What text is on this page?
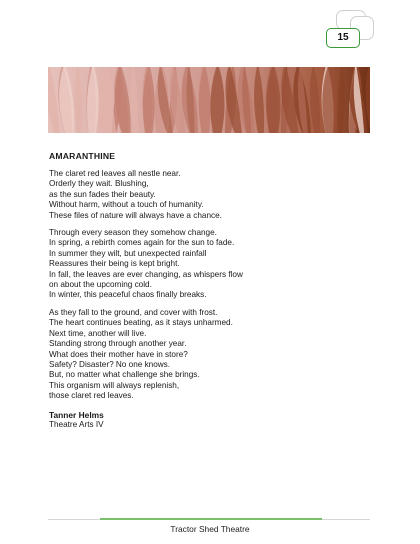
15
AMARANTHINE
The claret red leaves all nestle near.
Orderly they wait. Blushing,
as the sun fades their beauty.
Without harm, without a touch of humanity.
These files of nature will always have a chance.
Through every season they somehow change.
In spring, a rebirth comes again for the sun to fade.
In summer they wilt, but unexpected rainfall
Reassures their being is kept bright.
In fall, the leaves are ever changing, as whispers flow
on about the upcoming cold.
In winter, this peaceful chaos finally breaks.
As they fall to the ground, and cover with frost.
The heart continues beating, as it stays unharmed.
Next time, another will live.
Standing strong through another year.
What does their mother have in store?
Safety? Disaster? No one knows.
But, no matter what challenge she brings.
This organism will always replenish,
those claret red leaves.
Tanner Helms
Theatre Arts IV
Tractor Shed Theatre
